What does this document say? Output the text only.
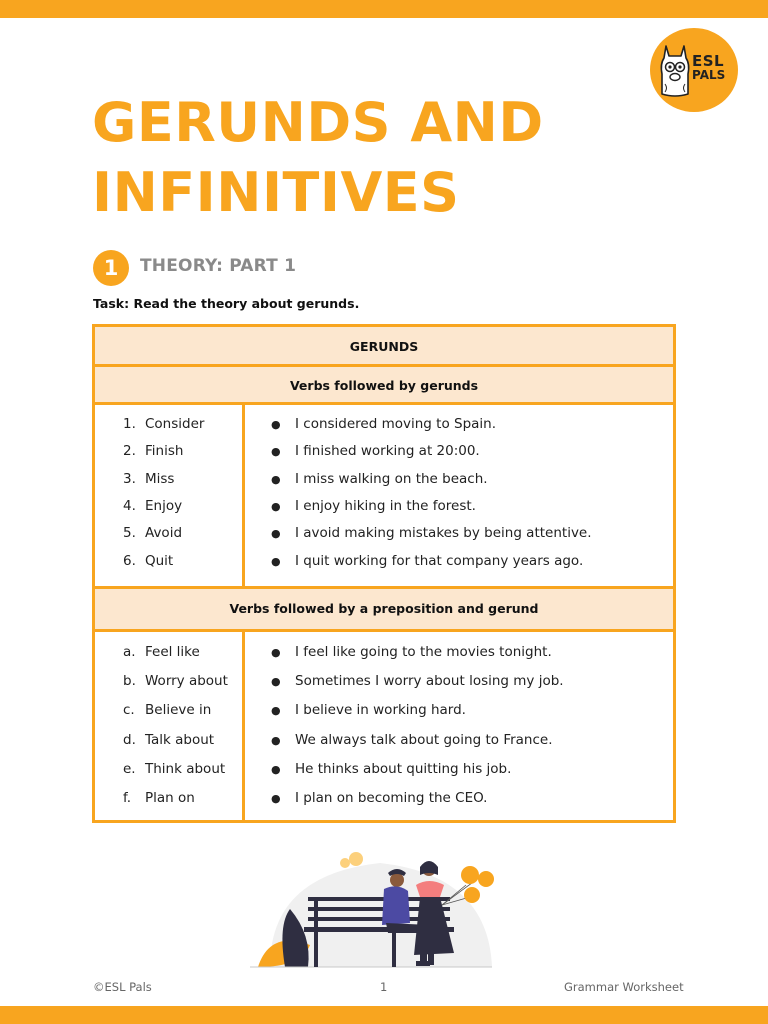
ESL
PALS
GERUNDS AND INFINITIVES
1	THEORY: PART 1
Task: Read the theory about gerunds.
GERUNDS
Verbs followed by gerunds
1. Consider	● I considered moving to Spain.
2. Finish	● I finished working at 20:00.
3. Miss	● I miss walking on the beach.
4. Enjoy	● I enjoy hiking in the forest.
5. Avoid	● I avoid making mistakes by being attentive.
6. Quit	● I quit working for that company years ago.
Verbs followed by a preposition and gerund
a. Feel like	● I feel like going to the movies tonight.
b. Worry about	● Sometimes I worry about losing my job.
c. Believe in	● I believe in working hard.
d. Talk about	● We always talk about going to France.
e. Think about	● He thinks about quitting his job.
f. Plan on	● I plan on becoming the CEO.
©ESL Pals	1	Grammar Worksheet
